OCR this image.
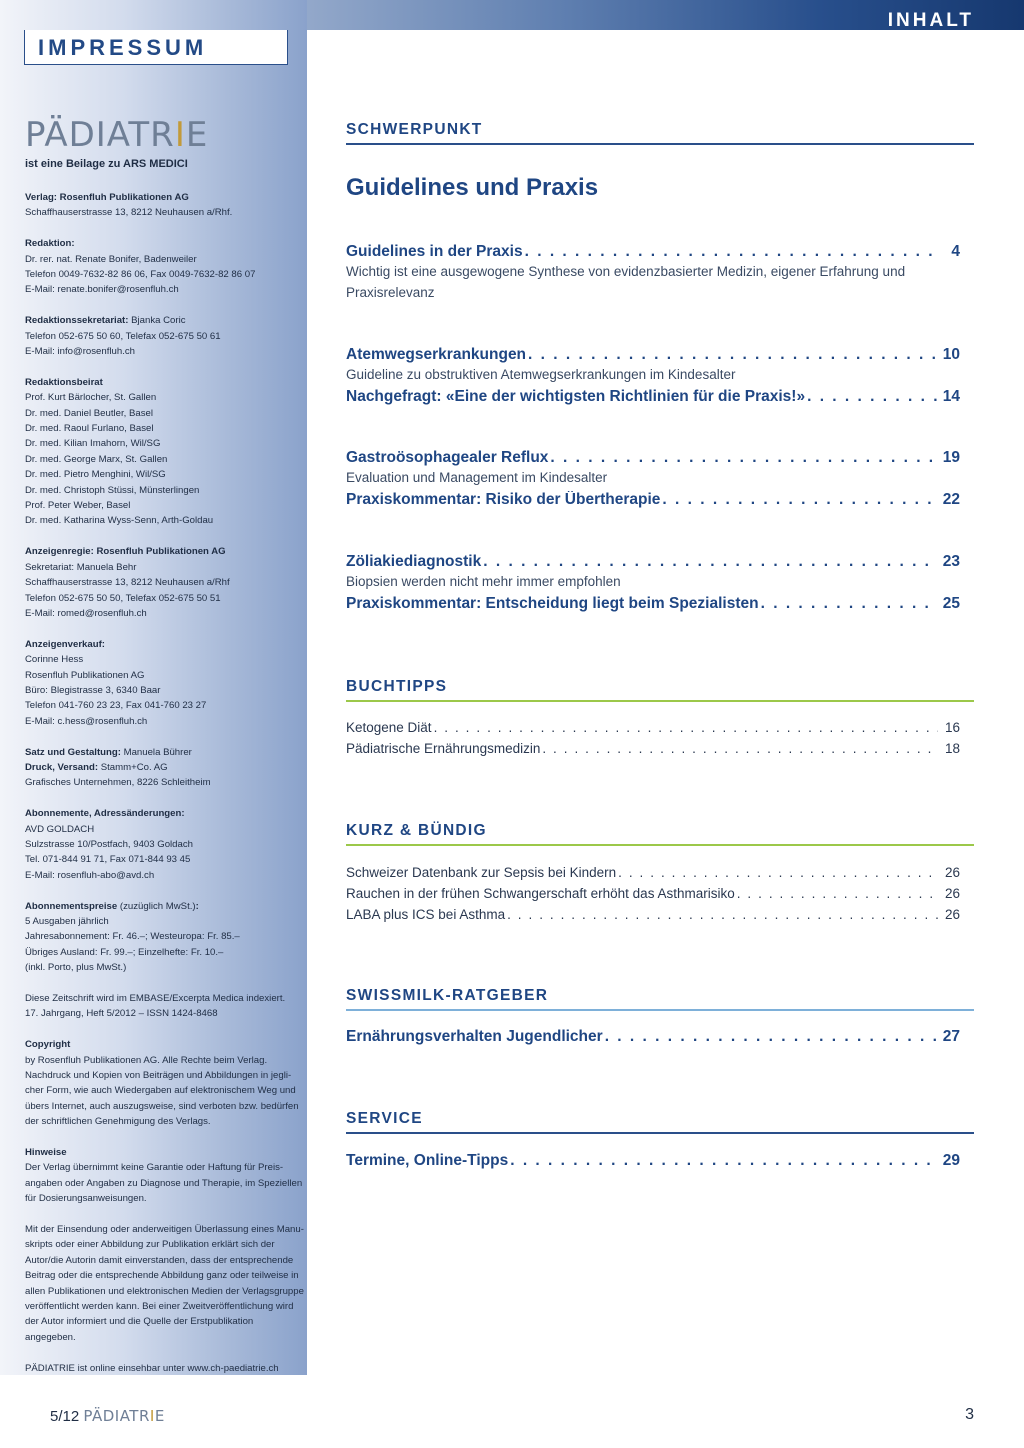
INHALT
IMPRESSUM
PÄDIATRIE
ist eine Beilage zu ARS MEDICI
Verlag: Rosenfluh Publikationen AG
Schaffhauserstrasse 13, 8212 Neuhausen a/Rhf.
Redaktion:
Dr. rer. nat. Renate Bonifer, Badenweiler
Telefon 0049-7632-82 86 06, Fax 0049-7632-82 86 07
E-Mail: renate.bonifer@rosenfluh.ch
Redaktionssekretariat: Bjanka Coric
Telefon 052-675 50 60, Telefax 052-675 50 61
E-Mail: info@rosenfluh.ch
Redaktionsbeirat
Prof. Kurt Bärlocher, St. Gallen
Dr. med. Daniel Beutler, Basel
Dr. med. Raoul Furlano, Basel
Dr. med. Kilian Imahorn, Wil/SG
Dr. med. George Marx, St. Gallen
Dr. med. Pietro Menghini, Wil/SG
Dr. med. Christoph Stüssi, Münsterlingen
Prof. Peter Weber, Basel
Dr. med. Katharina Wyss-Senn, Arth-Goldau
Anzeigenregie: Rosenfluh Publikationen AG
Sekretariat: Manuela Behr
Schaffhauserstrasse 13, 8212 Neuhausen a/Rhf
Telefon 052-675 50 50, Telefax 052-675 50 51
E-Mail: romed@rosenfluh.ch
Anzeigenverkauf:
Corinne Hess
Rosenfluh Publikationen AG
Büro: Blegistrasse 3, 6340 Baar
Telefon 041-760 23 23, Fax 041-760 23 27
E-Mail: c.hess@rosenfluh.ch
Satz und Gestaltung: Manuela Bührer
Druck, Versand: Stamm+Co. AG
Grafisches Unternehmen, 8226 Schleitheim
Abonnemente, Adressänderungen:
AVD GOLDACH
Sulzstrasse 10/Postfach, 9403 Goldach
Tel. 071-844 91 71, Fax 071-844 93 45
E-Mail: rosenfluh-abo@avd.ch
Abonnementspreise (zuzüglich MwSt.):
5 Ausgaben jährlich
Jahresabonnement: Fr. 46.–; Westeuropa: Fr. 85.–
Übriges Ausland: Fr. 99.–; Einzelhefte: Fr. 10.–
(inkl. Porto, plus MwSt.)
Diese Zeitschrift wird im EMBASE/Excerpta Medica indexiert.
17. Jahrgang, Heft 5/2012 – ISSN 1424-8468
Copyright
by Rosenfluh Publikationen AG. Alle Rechte beim Verlag.
Nachdruck und Kopien von Beiträgen und Abbildungen in jegli-
cher Form, wie auch Wiedergaben auf elektronischem Weg und
übers Internet, auch auszugsweise, sind verboten bzw. bedürfen
der schriftlichen Genehmigung des Verlags.
Hinweise
Der Verlag übernimmt keine Garantie oder Haftung für Preis-
angaben oder Angaben zu Diagnose und Therapie, im Speziellen
für Dosierungsanweisungen.
Mit der Einsendung oder anderweitigen Überlassung eines Manu-
skripts oder einer Abbildung zur Publikation erklärt sich der
Autor/die Autorin damit einverstanden, dass der entsprechende
Beitrag oder die entsprechende Abbildung ganz oder teilweise in
allen Publikationen und elektronischen Medien der Verlagsgruppe
veröffentlicht werden kann. Bei einer Zweitveröffentlichung wird
der Autor informiert und die Quelle der Erstpublikation angegeben.
PÄDIATRIE ist online einsehbar unter www.ch-paediatrie.ch
SCHWERPUNKT
Guidelines und Praxis
Guidelines in der Praxis . . .	4
Wichtig ist eine ausgewogene Synthese von evidenzbasierter Medizin, eigener Erfahrung und Praxisrelevanz
Atemwegserkrankungen . . .	10
Guideline zu obstruktiven Atemwegserkrankungen im Kindesalter
Nachgefragt: «Eine der wichtigsten Richtlinien für die Praxis!» . . .	14
Gastroösophagealer Reflux . . .	19
Evaluation und Management im Kindesalter
Praxiskommentar: Risiko der Übertherapie . . .	22
Zöliakiediagnostik . . .	23
Biopsien werden nicht mehr immer empfohlen
Praxiskommentar: Entscheidung liegt beim Spezialisten . . .	25
BUCHTIPPS
Ketogene Diät . . .	16
Pädiatrische Ernährungsmedizin . . .	18
KURZ & BÜNDIG
Schweizer Datenbank zur Sepsis bei Kindern . . .	26
Rauchen in der frühen Schwangerschaft erhöht das Asthmarisiko . . .	26
LABA plus ICS bei Asthma . . .	26
SWISSMILK-RATGEBER
Ernährungsverhalten Jugendlicher . . .	27
SERVICE
Termine, Online-Tipps . . .	29
5/12 PÄDIATRIE	3
